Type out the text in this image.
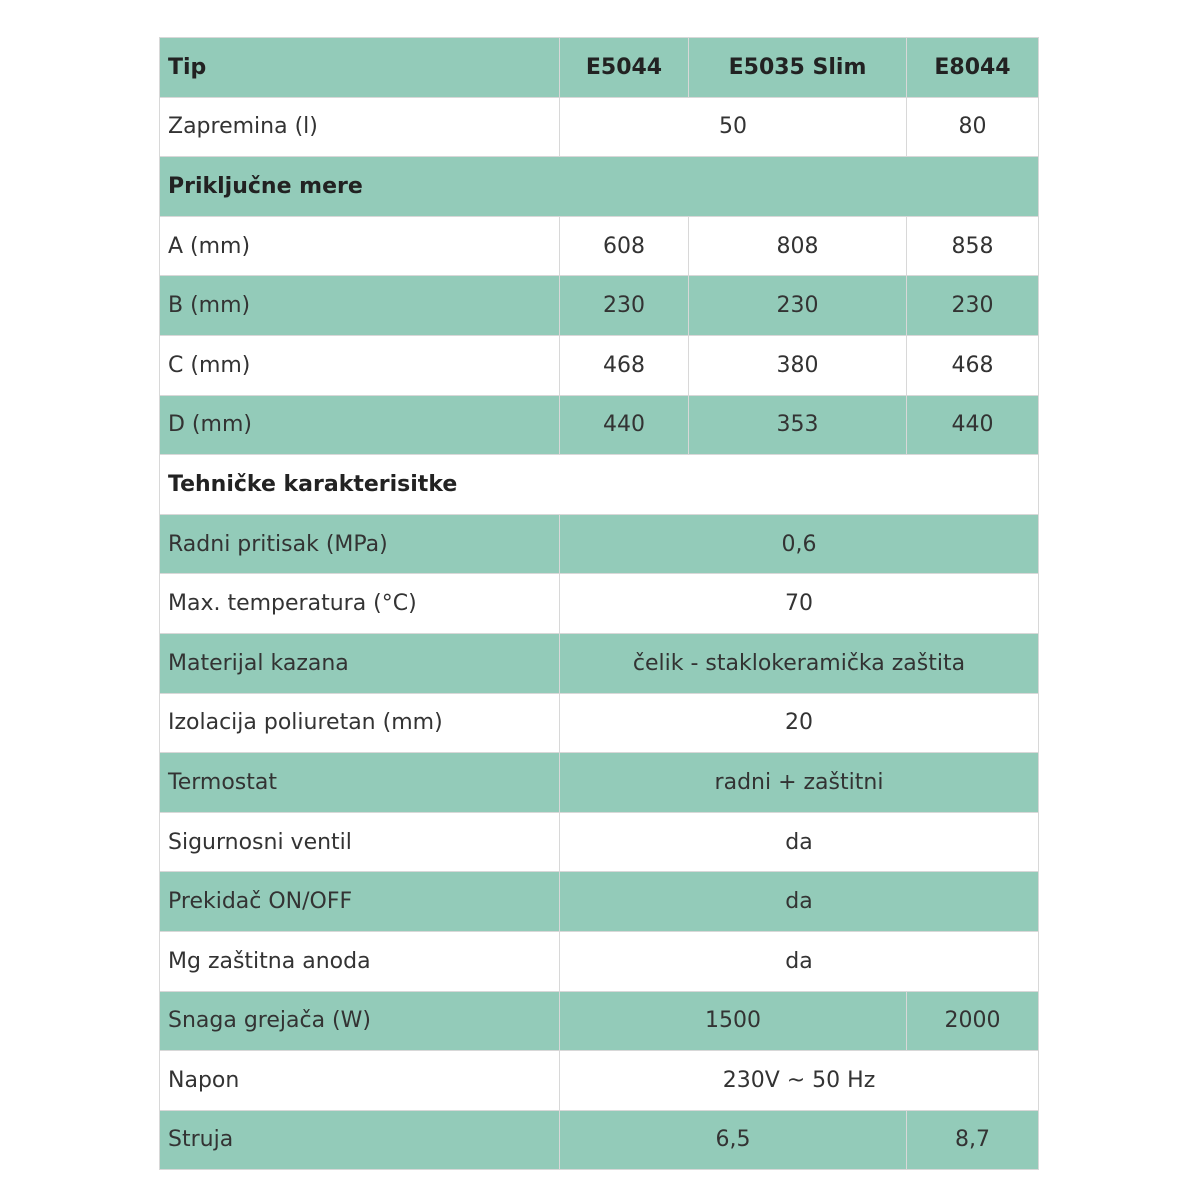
Tip	E5044	E5035 Slim	E8044
Zapremina (l)	50		80
Priključne mere			
A (mm)	608	808	858
B (mm)	230	230	230
C (mm)	468	380	468
D (mm)	440	353	440
Tehničke karakterisitke			
Radni pritisak (MPa)	0,6		
Max. temperatura (°C)	70		
Materijal kazana	čelik - staklokeramička zaštita		
Izolacija poliuretan (mm)	20		
Termostat	radni + zaštitni		
Sigurnosni ventil	da		
Prekidač ON/OFF	da		
Mg zaštitna anoda	da		
Snaga grejača (W)	1500		2000
Napon	230V ~ 50 Hz		
Struja	6,5		8,7
